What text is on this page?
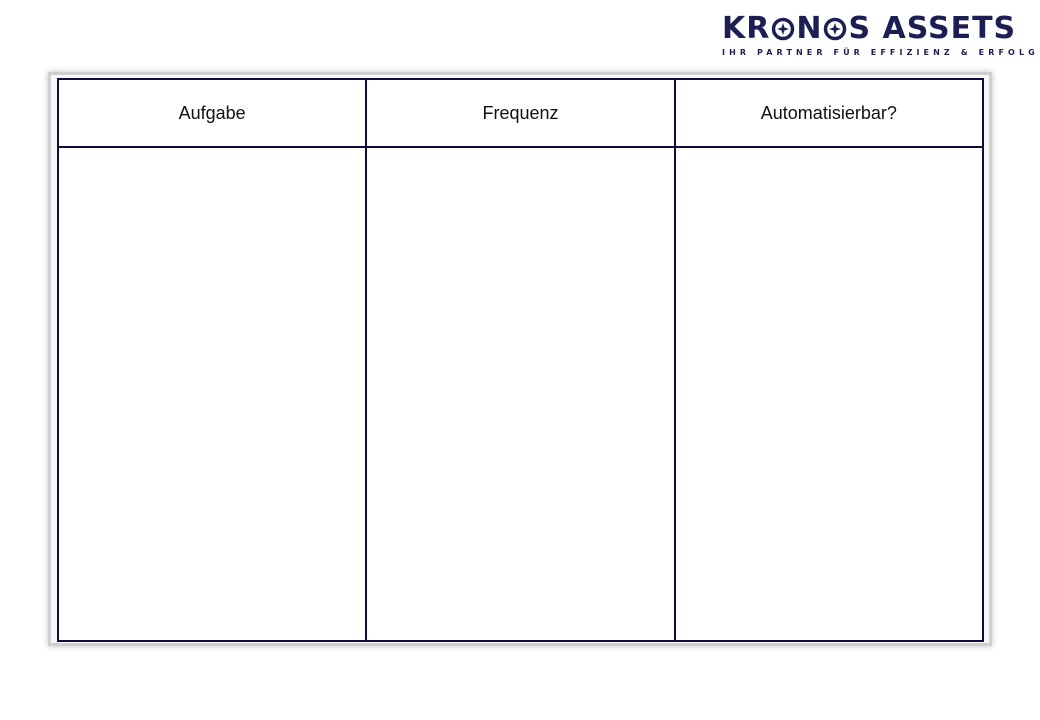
KR N S ASSETS
IHR PARTNER FÜR EFFIZIENZ & ERFOLG
Aufgabe	Frequenz	Automatisierbar?
